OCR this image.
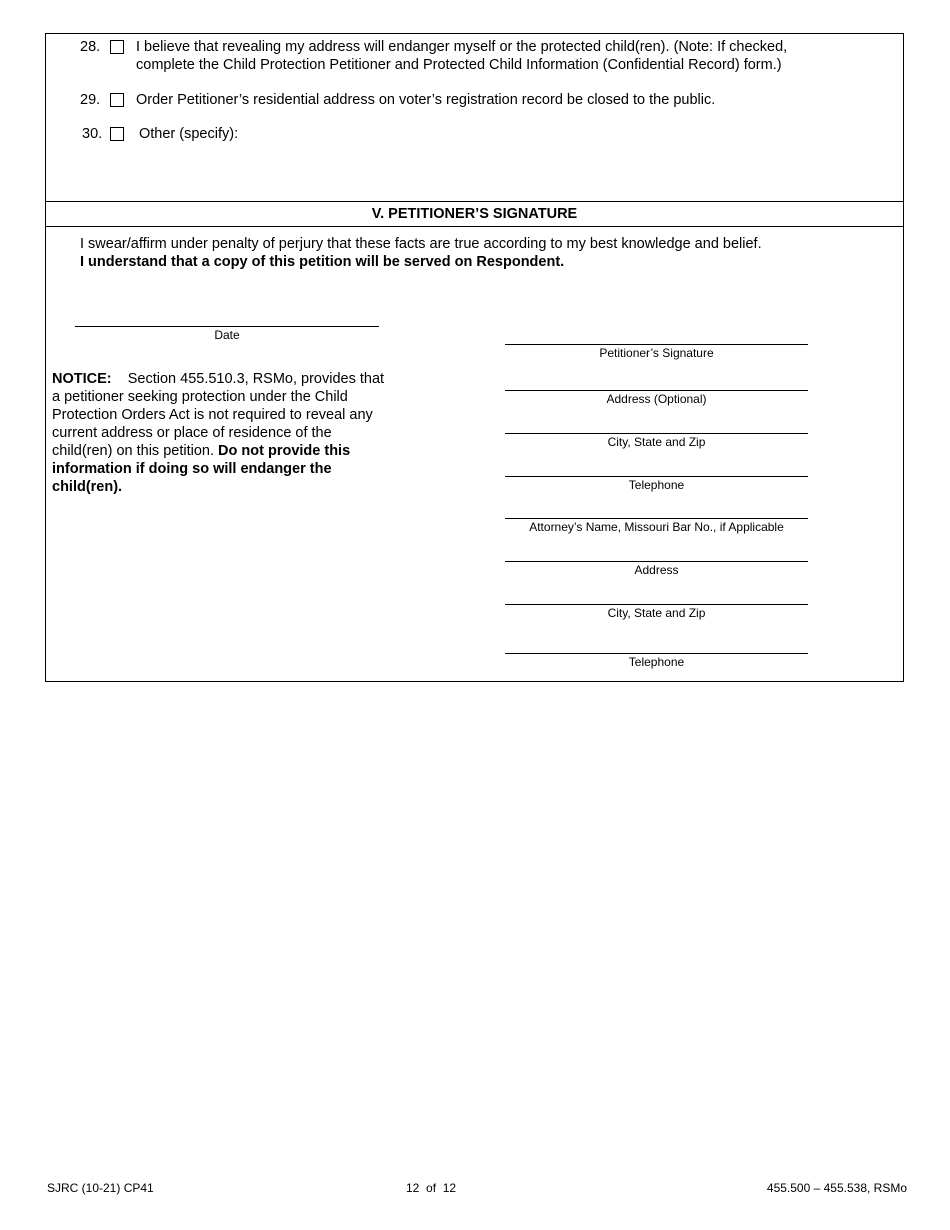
28. I believe that revealing my address will endanger myself or the protected child(ren). (Note: If checked,
complete the Child Protection Petitioner and Protected Child Information (Confidential Record) form.)
29. Order Petitioner’s residential address on voter’s registration record be closed to the public.
30.	Other (specify):
V. PETITIONER’S SIGNATURE
I swear/affirm under penalty of perjury that these facts are true according to my best knowledge and belief.
I understand that a copy of this petition will be served on Respondent.
Date
NOTICE: Section 455.510.3, RSMo, provides that a petitioner seeking protection under the Child Protection Orders Act is not required to reveal any current address or place of residence of the child(ren) on this petition. Do not provide this information if doing so will endanger the child(ren).
Petitioner’s Signature
Address (Optional)
City, State and Zip
Telephone
Attorney’s Name, Missouri Bar No., if Applicable
Address
City, State and Zip
Telephone
SJRC (10-21) CP41	12  of  12	455.500 – 455.538, RSMo
